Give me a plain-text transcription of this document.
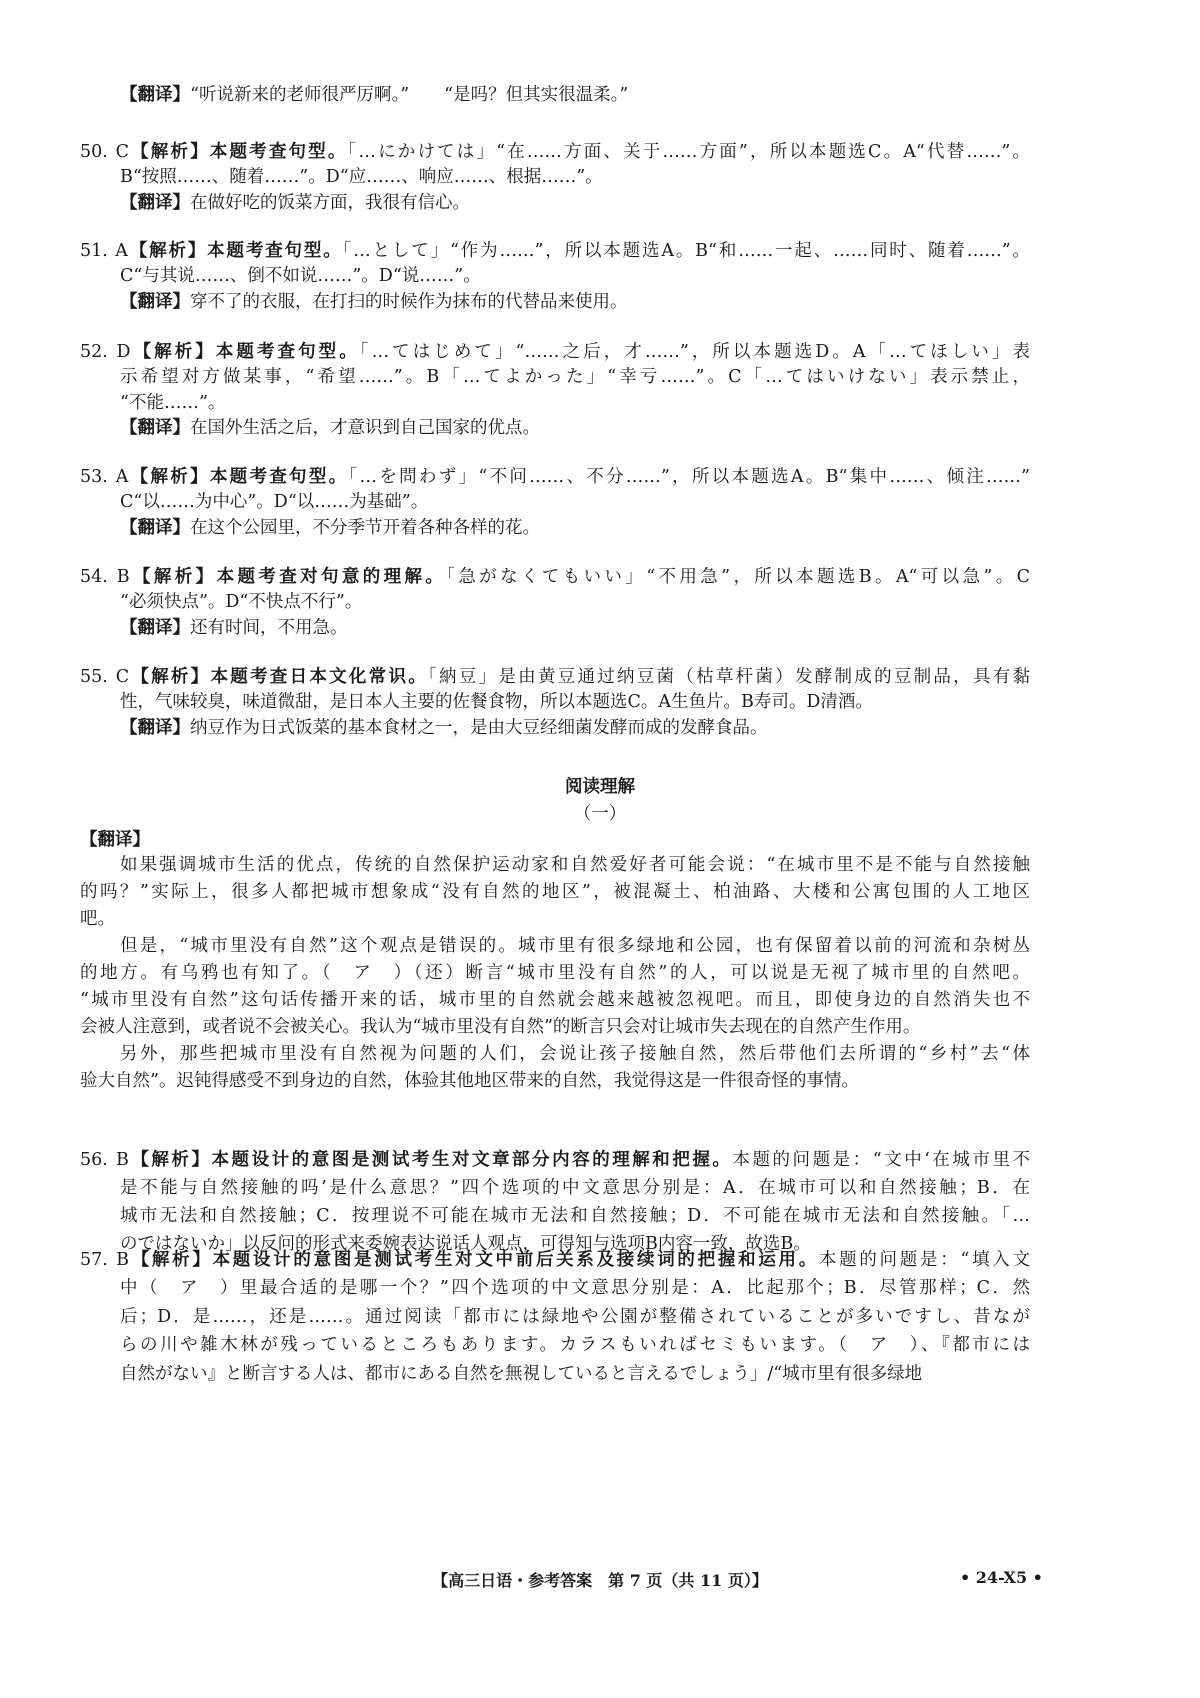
【翻译】“听说新来的老师很严厉啊。”　　“是吗？但其实很温柔。”
50. C【解析】本题考查句型。「…にかけては」“在……方面、关于……方面”，所以本题选C。A“代替……”。
B“按照……、随着……”。D“应……、响应……、根据……”。
【翻译】在做好吃的饭菜方面，我很有信心。
51. A【解析】本题考查句型。「…として」“作为……”，所以本题选A。B“和……一起、……同时、随着……”。
C“与其说……、倒不如说……”。D“说……”。
【翻译】穿不了的衣服，在打扫的时候作为抹布的代替品来使用。
52. D【解析】本题考查句型。「…てはじめて」“……之后，才……”，所以本题选D。A「…てほしい」表
示希望对方做某事，“希望……”。B「…てよかった」“幸亏……”。C「…てはいけない」表示禁止，
“不能……”。
【翻译】在国外生活之后，才意识到自己国家的优点。
53. A【解析】本题考查句型。「…を問わず」“不问……、不分……”，所以本题选A。B“集中……、倾注……”
C“以……为中心”。D“以……为基础”。
【翻译】在这个公园里，不分季节开着各种各样的花。
54. B【解析】本题考查对句意的理解。「急がなくてもいい」“不用急”，所以本题选B。A“可以急”。C
“必须快点”。D“不快点不行”。
【翻译】还有时间，不用急。
55. C【解析】本题考查日本文化常识。「納豆」是由黄豆通过纳豆菌（枯草杆菌）发酵制成的豆制品，具有黏
性，气味较臭，味道微甜，是日本人主要的佐餐食物，所以本题选C。A生鱼片。B寿司。D清酒。
【翻译】纳豆作为日式饭菜的基本食材之一，是由大豆经细菌发酵而成的发酵食品。
阅读理解
（一）
【翻译】
如果强调城市生活的优点，传统的自然保护运动家和自然爱好者可能会说：“在城市里不是不能与自然接触
的吗？”实际上，很多人都把城市想象成“没有自然的地区”，被混凝土、柏油路、大楼和公寓包围的人工地区
吧。
但是，“城市里没有自然”这个观点是错误的。城市里有很多绿地和公园，也有保留着以前的河流和杂树丛
的地方。有乌鸦也有知了。（　ア　）（还）断言“城市里没有自然”的人，可以说是无视了城市里的自然吧。
“城市里没有自然”这句话传播开来的话，城市里的自然就会越来越被忽视吧。而且，即使身边的自然消失也不
会被人注意到，或者说不会被关心。我认为“城市里没有自然”的断言只会对让城市失去现在的自然产生作用。
另外，那些把城市里没有自然视为问题的人们，会说让孩子接触自然，然后带他们去所谓的“乡村”去“体
验大自然”。迟钝得感受不到身边的自然，体验其他地区带来的自然，我觉得这是一件很奇怪的事情。
56. B【解析】本题设计的意图是测试考生对文章部分内容的理解和把握。本题的问题是：“文中‘在城市里不
是不能与自然接触的吗’是什么意思？”四个选项的中文意思分别是：A．在城市可以和自然接触；B．在
城市无法和自然接触；C．按理说不可能在城市无法和自然接触；D．不可能在城市无法和自然接触。「…
のではないか」以反问的形式来委婉表达说话人观点，可得知与选项B内容一致，故选B。
57. B【解析】本题设计的意图是测试考生对文中前后关系及接续词的把握和运用。本题的问题是：“填入文
中（　ア　）里最合适的是哪一个？”四个选项的中文意思分别是：A．比起那个；B．尽管那样；C．然
后；D．是……，还是……。通过阅读「都市には緑地や公園が整備されていることが多いですし、昔なが
らの川や雑木林が残っているところもあります。カラスもいればセミもいます。（　ア　）、『都市には
自然がない』と断言する人は、都市にある自然を無視していると言えるでしょう」/“城市里有很多绿地
【高三日语・参考答案　第 7 页（共 11 页）】	• 24-X5 •
